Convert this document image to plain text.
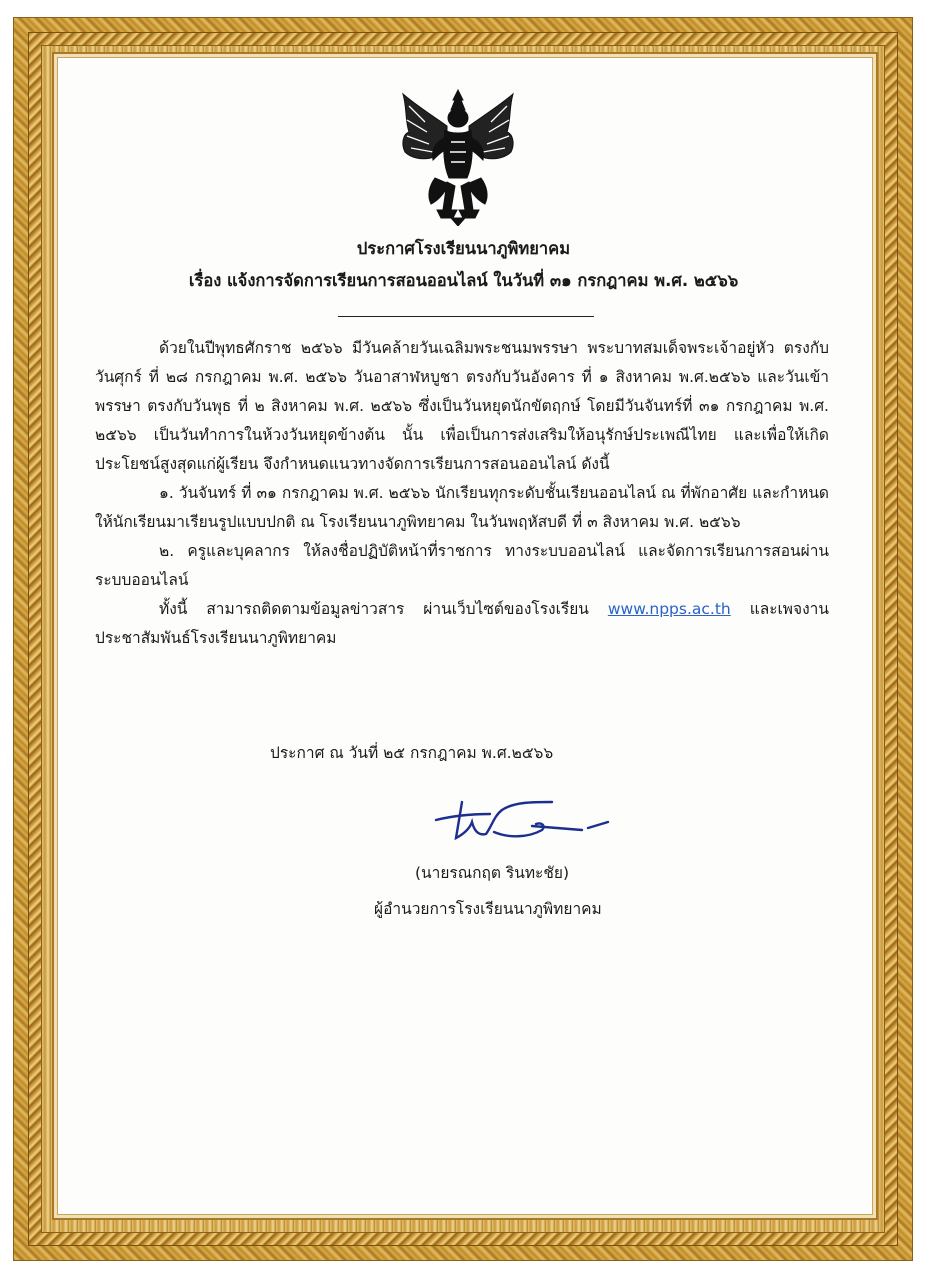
ประกาศโรงเรียนนาภูพิทยาคม
เรื่อง แจ้งการจัดการเรียนการสอนออนไลน์ ในวันที่ ๓๑ กรกฎาคม พ.ศ. ๒๕๖๖
ด้วยในปีพุทธศักราช ๒๕๖๖ มีวันคล้ายวันเฉลิมพระชนมพรรษา พระบาทสมเด็จพระเจ้าอยู่หัว ตรงกับวันศุกร์ ที่ ๒๘ กรกฎาคม พ.ศ. ๒๕๖๖ วันอาสาฬหบูชา ตรงกับวันอังคาร ที่ ๑ สิงหาคม พ.ศ.๒๕๖๖ และวันเข้าพรรษา ตรงกับวันพุธ ที่ ๒ สิงหาคม พ.ศ. ๒๕๖๖ ซึ่งเป็นวันหยุดนักขัตฤกษ์ โดยมีวันจันทร์ที่ ๓๑ กรกฎาคม พ.ศ. ๒๕๖๖ เป็นวันทำการในห้วงวันหยุดข้างต้น นั้น เพื่อเป็นการส่งเสริมให้อนุรักษ์ประเพณีไทย และเพื่อให้เกิดประโยชน์สูงสุดแก่ผู้เรียน จึงกำหนดแนวทางจัดการเรียนการสอนออนไลน์ ดังนี้
๑. วันจันทร์ ที่ ๓๑ กรกฎาคม พ.ศ. ๒๕๖๖ นักเรียนทุกระดับชั้นเรียนออนไลน์ ณ ที่พักอาศัย และกำหนดให้นักเรียนมาเรียนรูปแบบปกติ ณ โรงเรียนนาภูพิทยาคม ในวันพฤหัสบดี ที่ ๓ สิงหาคม พ.ศ. ๒๕๖๖
๒. ครูและบุคลากร ให้ลงชื่อปฏิบัติหน้าที่ราชการ ทางระบบออนไลน์ และจัดการเรียนการสอนผ่านระบบออนไลน์
ทั้งนี้ สามารถติดตามข้อมูลข่าวสาร ผ่านเว็บไซต์ของโรงเรียน www.npps.ac.th และเพจงานประชาสัมพันธ์โรงเรียนนาภูพิทยาคม
ประกาศ ณ วันที่ ๒๕ กรกฎาคม พ.ศ.๒๕๖๖
(นายรณกฤต รินทะชัย)
ผู้อำนวยการโรงเรียนนาภูพิทยาคม
